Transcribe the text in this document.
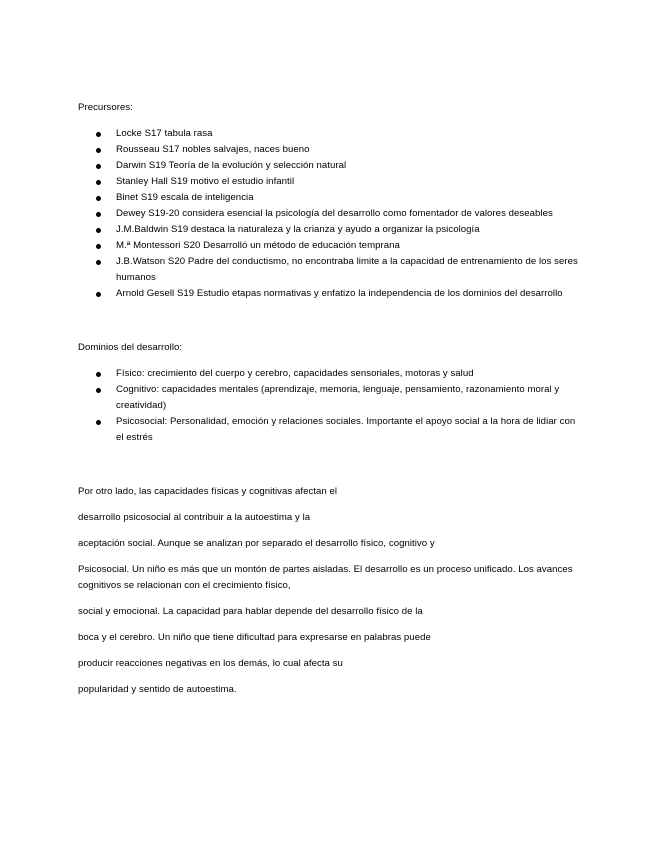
Precursores:

Locke S17 tabula rasa
Rousseau S17 nobles salvajes, naces bueno
Darwin S19 Teoría de la evolución y selección natural
Stanley Hall S19 motivo el estudio infantil
Binet S19 escala de inteligencia
Dewey S19-20 considera esencial la psicología del desarrollo como fomentador de valores deseables
J.M.Baldwin S19 destaca la naturaleza y la crianza y ayudo a organizar la psicología
M.ª Montessori S20 Desarrolló un método de educación temprana
J.B.Watson S20 Padre del conductismo, no encontraba limite a la capacidad de entrenamiento de los seres humanos
Arnold Gesell S19 Estudio etapas normativas y enfatizo la independencia de los dominios del desarrollo

Dominios del desarrollo:

Físico: crecimiento del cuerpo y cerebro, capacidades sensoriales, motoras y salud
Cognitivo: capacidades mentales (aprendizaje, memoria, lenguaje, pensamiento, razonamiento moral y creatividad)
Psicosocial: Personalidad, emoción y relaciones sociales. Importante el apoyo social a la hora de lidiar con el estrés

Por otro lado, las capacidades físicas y cognitivas afectan el

desarrollo psicosocial al contribuir a la autoestima y la

aceptación social. Aunque se analizan por separado el desarrollo físico, cognitivo y

Psicosocial. Un niño es más que un montón de partes aisladas. El desarrollo es un proceso unificado. Los avances cognitivos se relacionan con el crecimiento físico,

social y emocional. La capacidad para hablar depende del desarrollo físico de la

boca y el cerebro. Un niño que tiene dificultad para expresarse en palabras puede

producir reacciones negativas en los demás, lo cual afecta su

popularidad y sentido de autoestima.
